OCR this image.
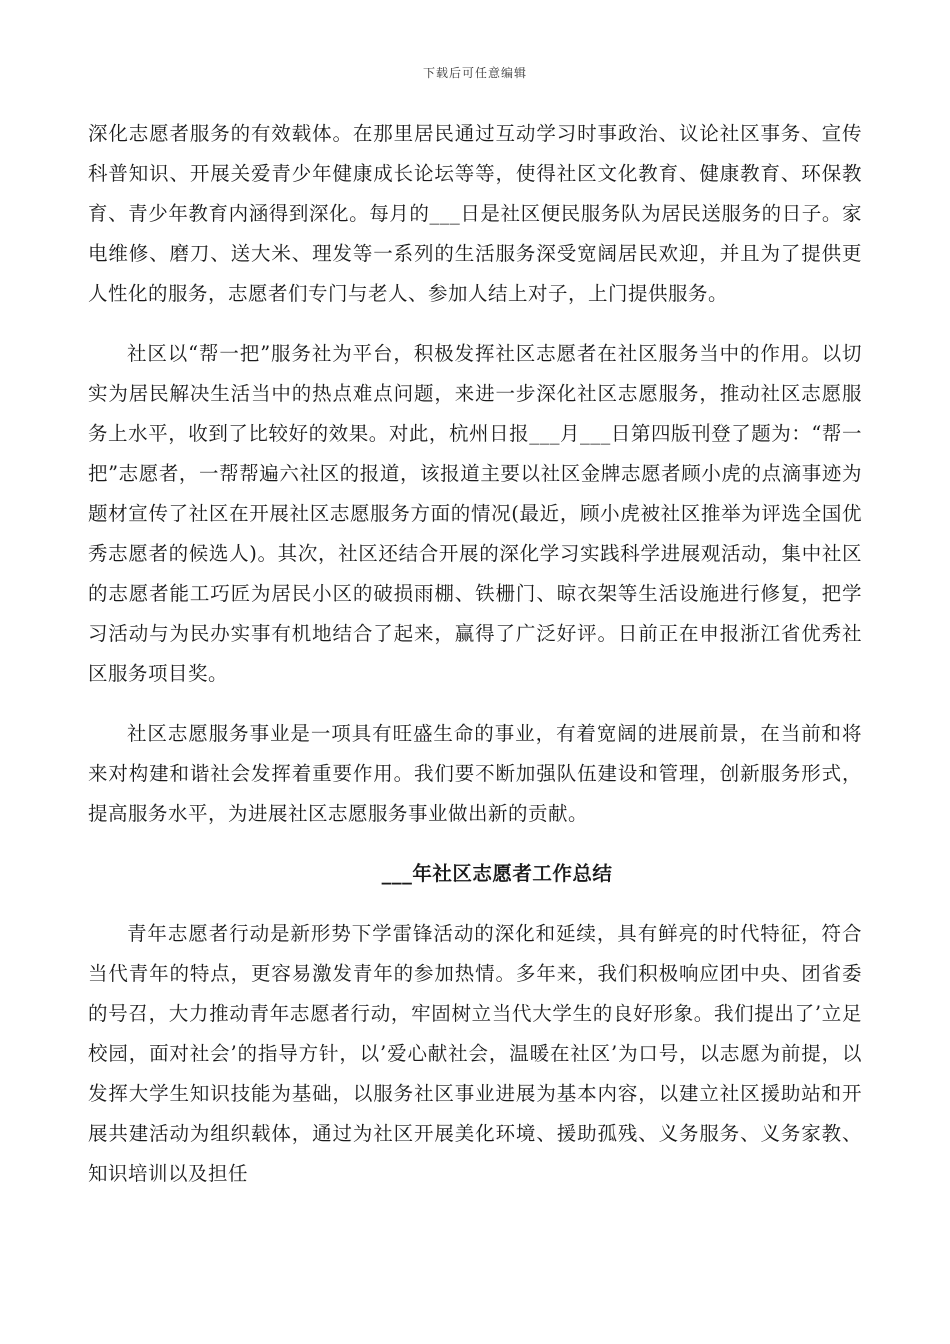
下载后可任意编辑

深化志愿者服务的有效载体。在那里居民通过互动学习时事政治、议论社区事务、宣传科普知识、开展关爱青少年健康成长论坛等等，使得社区文化教育、健康教育、环保教育、青少年教育内涵得到深化。每月的___日是社区便民服务队为居民送服务的日子。家电维修、磨刀、送大米、理发等一系列的生活服务深受宽阔居民欢迎，并且为了提供更人性化的服务，志愿者们专门与老人、参加人结上对子，上门提供服务。

社区以“帮一把”服务社为平台，积极发挥社区志愿者在社区服务当中的作用。以切实为居民解决生活当中的热点难点问题，来进一步深化社区志愿服务，推动社区志愿服务上水平，收到了比较好的效果。对此，杭州日报___月___日第四版刊登了题为：“帮一把”志愿者，一帮帮遍六社区的报道，该报道主要以社区金牌志愿者顾小虎的点滴事迹为题材宣传了社区在开展社区志愿服务方面的情况(最近，顾小虎被社区推举为评选全国优秀志愿者的候选人)。其次，社区还结合开展的深化学习实践科学进展观活动，集中社区的志愿者能工巧匠为居民小区的破损雨棚、铁栅门、晾衣架等生活设施进行修复，把学习活动与为民办实事有机地结合了起来，赢得了广泛好评。日前正在申报浙江省优秀社区服务项目奖。

社区志愿服务事业是一项具有旺盛生命的事业，有着宽阔的进展前景，在当前和将来对构建和谐社会发挥着重要作用。我们要不断加强队伍建设和管理，创新服务形式，提高服务水平，为进展社区志愿服务事业做出新的贡献。

___年社区志愿者工作总结

青年志愿者行动是新形势下学雷锋活动的深化和延续，具有鲜亮的时代特征，符合当代青年的特点，更容易激发青年的参加热情。多年来，我们积极响应团中央、团省委的号召，大力推动青年志愿者行动，牢固树立当代大学生的良好形象。我们提出了’立足校园，面对社会’的指导方针，以’爱心献社会，温暖在社区’为口号，以志愿为前提，以发挥大学生知识技能为基础，以服务社区事业进展为基本内容，以建立社区援助站和开展共建活动为组织载体，通过为社区开展美化环境、援助孤残、义务服务、义务家教、知识培训以及担任
